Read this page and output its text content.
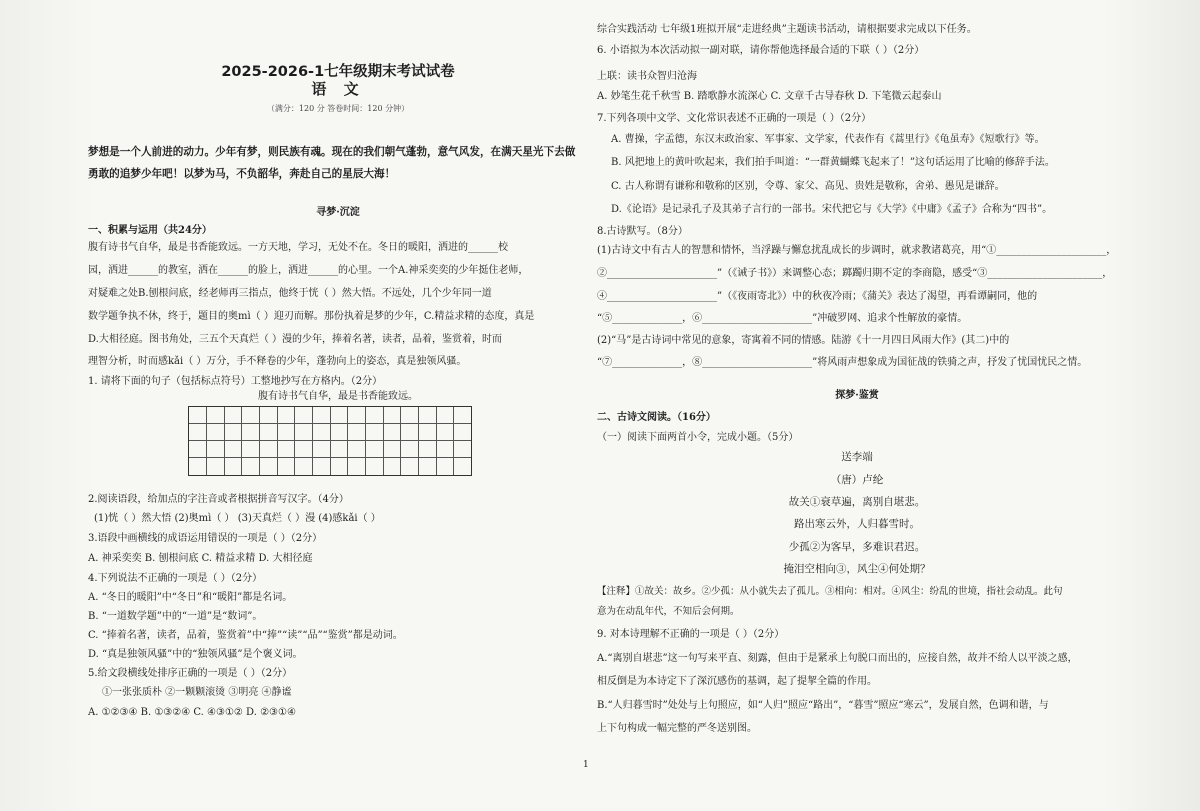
2025-2026-1七年级期末考试试卷
语 文
（满分：120 分 答卷时间：120 分钟）
梦想是一个人前进的动力。少年有梦，则民族有魂。现在的我们朝气蓬勃，意气风发，在满天星光下去做
勇敢的追梦少年吧！以梦为马，不负韶华，奔赴自己的星辰大海！
寻梦·沉淀
一、积累与运用（共24分）
腹有诗书气自华，最是书香能致远。一方天地，学习，无处不在。冬日的暖阳，洒进的______校
园，洒进______的教室，洒在______的脸上，洒进______的心里。一个A.神采奕奕的少年挺住老师，
对疑难之处B.刨根问底，经老师再三指点，他终于恍（ ）然大悟。不远处，几个少年同一道
数学题争执不休，终于，题目的奥mì（ ）迎刃而解。那份执着是梦的少年，C.精益求精的态度，真是
D.大相径庭。图书角处，三五个天真烂（ ）漫的少年，捧着名著，读者，品着，鉴赏着，时而
理智分析，时而感kǎi（ ）万分，手不释卷的少年，蓬勃向上的姿态，真是独领风骚。
1. 请将下面的句子（包括标点符号）工整地抄写在方格内。（2分）
腹有诗书气自华，最是书香能致远。
2.阅读语段，给加点的字注音或者根据拼音写汉字。（4分）
(1)恍（ ）然大悟 (2)奥mì（ ） (3)天真烂（ ）漫 (4)感kǎi（ ）
3.语段中画横线的成语运用错误的一项是（ ）（2分）
A. 神采奕奕 B. 刨根问底 C. 精益求精 D. 大相径庭
4.下列说法不正确的一项是（ ）（2分）
A. “冬日的暖阳”中“冬日”和“暖阳”都是名词。
B. “一道数学题”中的“一道”是“数词”。
C. “捧着名著，读者，品着，鉴赏着”中“捧”“读”“品”“鉴赏”都是动词。
D. “真是独领风骚”中的“独领风骚”是个褒义词。
5.给文段横线处排序正确的一项是（ ）（2分）
①一张张质朴 ②一颗颗滚烫 ③明亮 ④静谧
A. ①②③④ B. ①③②④ C. ④③①② D. ②③①④
综合实践活动 七年级1班拟开展“走进经典”主题读书活动，请根据要求完成以下任务。
6. 小语拟为本次活动拟一副对联，请你帮他选择最合适的下联（ ）（2分）
上联：读书众智归沧海
A. 妙笔生花千秋雪 B. 踏歌静水流深心 C. 文章千古导春秋 D. 下笔微云起泰山
7.下列各项中文学、文化常识表述不正确的一项是（ ）（2分）
A. 曹操，字孟德，东汉末政治家、军事家、文学家，代表作有《蒿里行》《龟虽寿》《短歌行》等。
B. 风把地上的黄叶吹起来，我们拍手叫道：“一群黄蝴蝶飞起来了！”这句话运用了比喻的修辞手法。
C. 古人称谓有谦称和敬称的区别，令尊、家父、高见、贵姓是敬称，舍弟、愚见是谦辞。
D.《论语》是记录孔子及其弟子言行的一部书。宋代把它与《大学》《中庸》《孟子》合称为“四书”。
8.古诗默写。（8分）
(1)古诗文中有古人的智慧和情怀，当浮躁与懈怠扰乱成长的步调时，就求教诸葛亮，用“①______________________，
②______________________”（《诫子书》）来调整心态；踯躅归期不定的李商隐，感受“③_______________________，
④______________________”（《夜雨寄北》）中的秋夜冷雨；《蒲关》表达了渴望，再看谭嗣同，他的
“⑤______________，⑥______________________”冲破罗网、追求个性解放的豪情。
(2)“马”是古诗词中常见的意象，寄寓着不同的情感。陆游《十一月四日风雨大作》(其二)中的
“⑦______________，⑧______________________”将风雨声想象成为国征战的铁骑之声，抒发了忧国忧民之情。
探梦·鉴赏
二、古诗文阅读。（16分）
（一）阅读下面两首小令，完成小题。（5分）
送李端
（唐）卢纶
故关①衰草遍，离别自堪悲。
路出寒云外，人归暮雪时。
少孤②为客早，多难识君迟。
掩泪空相向③，风尘④何处期？
【注释】①故关：故乡。②少孤：从小就失去了孤儿。③相向：相对。④风尘：纷乱的世境，指社会动乱。此句
意为在动乱年代，不知后会何期。
9. 对本诗理解不正确的一项是（ ）（2分）
A.“离别自堪悲”这一句写来平直、刻露，但由于是紧承上句脱口而出的，应接自然，故并不给人以平淡之感，
相反倒是为本诗定下了深沉感伤的基调，起了提挈全篇的作用。
B.“人归暮雪时”处处与上句照应，如“人归”照应“路出”，“暮雪”照应“寒云”，发展自然，色调和谐，与
上下句构成一幅完整的严冬送别图。
1
